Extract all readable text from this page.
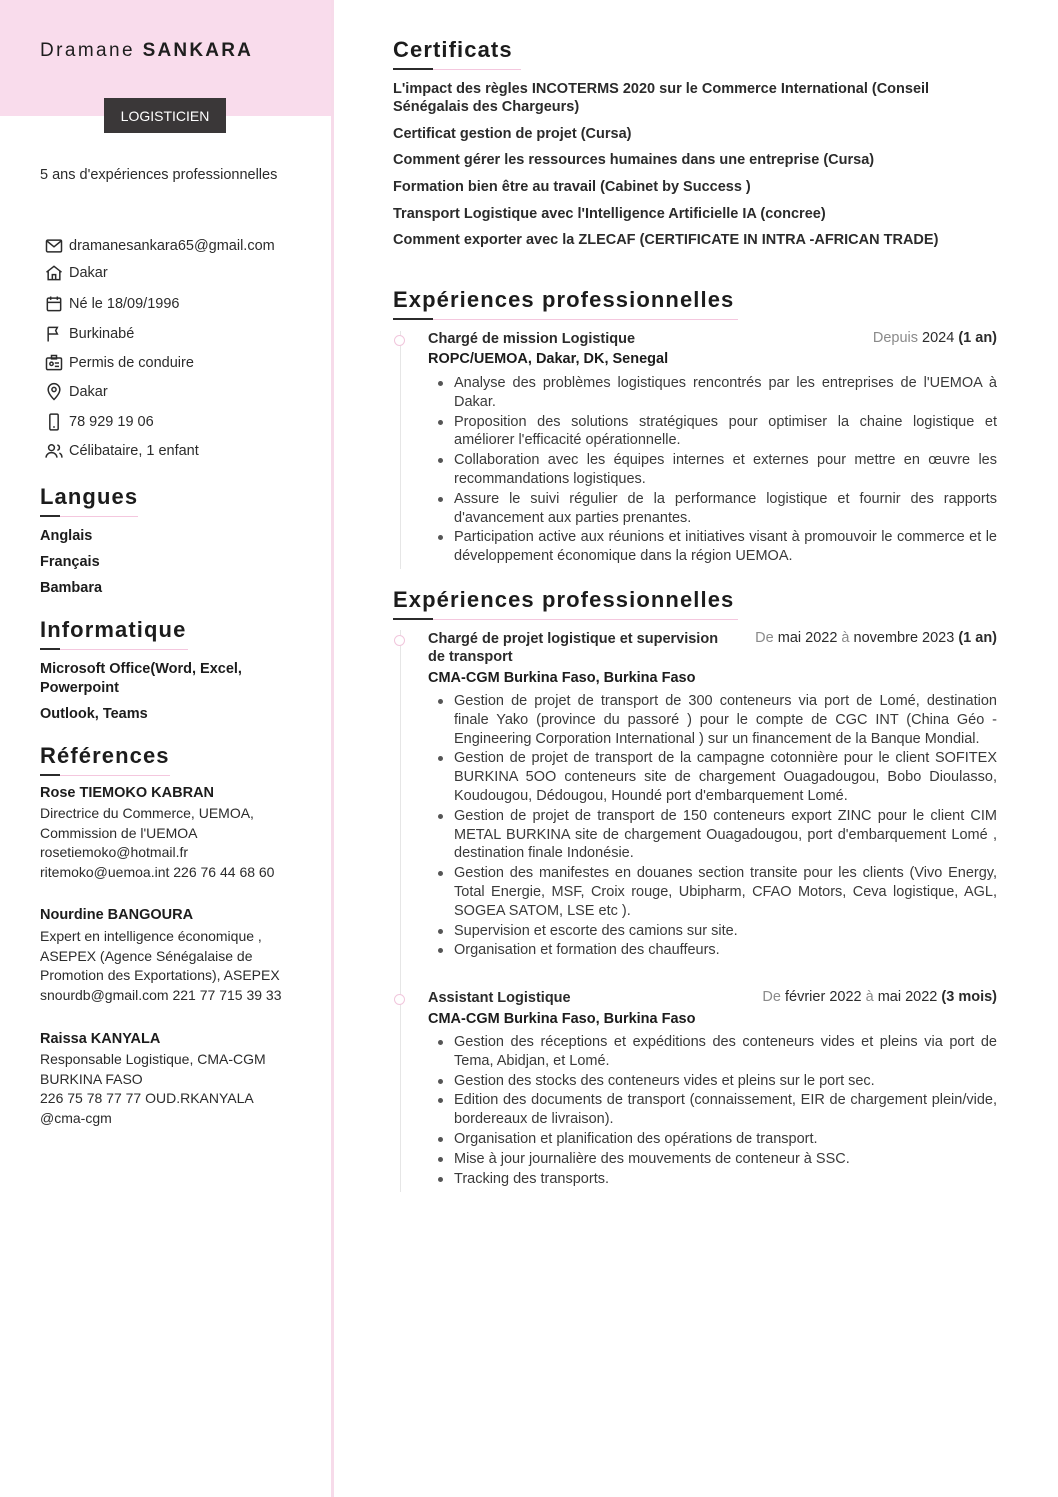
Dramane SANKARA
LOGISTICIEN
5 ans d'expériences professionnelles
dramanesankara65@gmail.com
Dakar
Né le 18/09/1996
Burkinabé
Permis de conduire
Dakar
78 929 19 06
Célibataire, 1 enfant
Langues
Anglais
Français
Bambara
Informatique
Microsoft Office(Word, Excel, Powerpoint
Outlook, Teams
Références
Rose TIEMOKO KABRAN
Directrice du Commerce, UEMOA, Commission de l'UEMOA
rosetiemoko@hotmail.fr ritemoko@uemoa.int 226 76 44 68 60
Nourdine BANGOURA
Expert en intelligence économique , ASEPEX (Agence Sénégalaise de Promotion des Exportations), ASEPEX
snourdb@gmail.com 221 77 715 39 33
Raissa KANYALA
Responsable Logistique, CMA-CGM BURKINA FASO
226 75 78 77 77 OUD.RKANYALA @cma-cgm
Certificats
L'impact des règles INCOTERMS 2020 sur le Commerce International (Conseil Sénégalais des Chargeurs)
Certificat gestion de projet (Cursa)
Comment gérer les ressources humaines dans une entreprise (Cursa)
Formation bien être au travail (Cabinet by Success )
Transport Logistique avec l'Intelligence Artificielle IA (concree)
Comment exporter avec la ZLECAF (CERTIFICATE IN INTRA -AFRICAN TRADE)
Expériences professionnelles
Chargé de mission Logistique	Depuis 2024 (1 an)
ROPC/UEMOA, Dakar, DK, Senegal
Analyse des problèmes logistiques rencontrés par les entreprises de l'UEMOA à Dakar.
Proposition des solutions stratégiques pour optimiser la chaine logistique et améliorer l'efficacité opérationnelle.
Collaboration avec les équipes internes et externes pour mettre en œuvre les recommandations logistiques.
Assure le suivi régulier de la performance logistique et fournir des rapports d'avancement aux parties prenantes.
Participation active aux réunions et initiatives visant à promouvoir le commerce et le développement économique dans la région UEMOA.
Expériences professionnelles
Chargé de projet logistique et supervision de transport
De mai 2022 à novembre 2023 (1 an)
CMA-CGM Burkina Faso, Burkina Faso
Gestion de projet de transport de 300 conteneurs via port de Lomé, destination finale Yako (province du passoré ) pour le compte de CGC INT (China Géo -Engineering Corporation International ) sur un financement de la Banque Mondial.
Gestion de projet de transport de la campagne cotonnière pour le client SOFITEX BURKINA 5OO conteneurs site de chargement Ouagadougou, Bobo Dioulasso, Koudougou, Dédougou, Houndé port d'embarquement Lomé.
Gestion de projet de transport de 150 conteneurs export ZINC pour le client CIM METAL BURKINA site de chargement Ouagadougou, port d'embarquement Lomé , destination finale Indonésie.
Gestion des manifestes en douanes section transite pour les clients (Vivo Energy, Total Energie, MSF, Croix rouge, Ubipharm, CFAO Motors, Ceva logistique, AGL, SOGEA SATOM, LSE etc ).
Supervision et escorte des camions sur site.
Organisation et formation des chauffeurs.
Assistant Logistique	De février 2022 à mai 2022 (3 mois)
CMA-CGM Burkina Faso, Burkina Faso
Gestion des réceptions et expéditions des conteneurs vides et pleins via port de Tema, Abidjan, et Lomé.
Gestion des stocks des conteneurs vides et pleins sur le port sec.
Edition des documents de transport (connaissement, EIR de chargement plein/vide, bordereaux de livraison).
Organisation et planification des opérations de transport.
Mise à jour journalière des mouvements de conteneur à SSC.
Tracking des transports.
